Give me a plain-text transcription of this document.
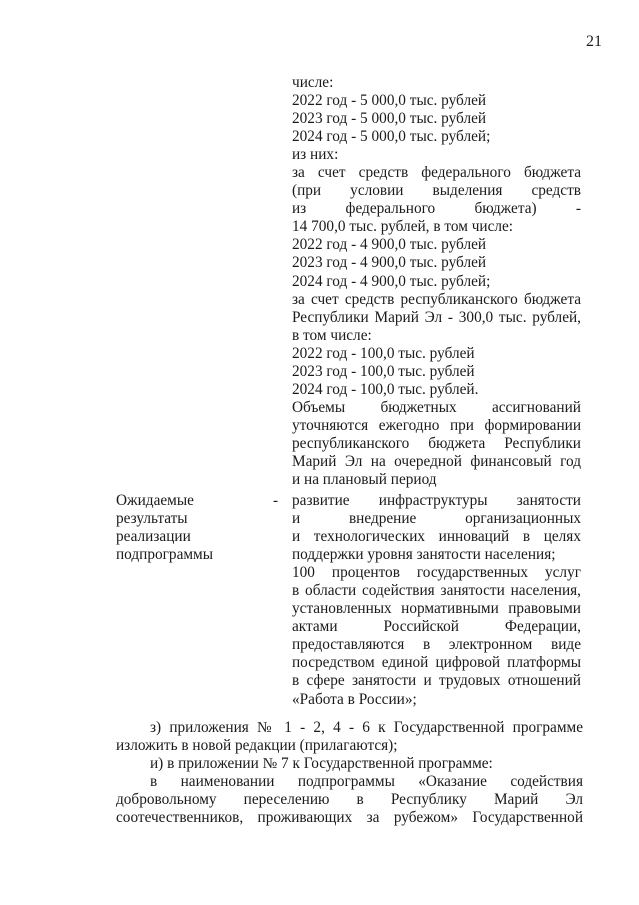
21
числе:
2022 год - 5 000,0 тыс. рублей
2023 год - 5 000,0 тыс. рублей
2024 год - 5 000,0 тыс. рублей;
из них:
за счет средств федерального бюджета
(при условии выделения средств
из федерального бюджета) -
14 700,0 тыс. рублей, в том числе:
2022 год - 4 900,0 тыс. рублей
2023 год - 4 900,0 тыс. рублей
2024 год - 4 900,0 тыс. рублей;
за счет средств республиканского бюджета
Республики Марий Эл - 300,0 тыс. рублей,
в том числе:
2022 год - 100,0 тыс. рублей
2023 год - 100,0 тыс. рублей
2024 год - 100,0 тыс. рублей.
Объемы бюджетных ассигнований
уточняются ежегодно при формировании
республиканского бюджета Республики
Марий Эл на очередной финансовый год
и на плановый период
Ожидаемые
результаты
реализации
подпрограммы
- развитие инфраструктуры занятости
и внедрение организационных
и технологических инноваций в целях
поддержки уровня занятости населения;
100 процентов государственных услуг
в области содействия занятости населения,
установленных нормативными правовыми
актами Российской Федерации,
предоставляются в электронном виде
посредством единой цифровой платформы
в сфере занятости и трудовых отношений
«Работа в России»;
з) приложения № 1 - 2, 4 - 6 к Государственной программе
изложить в новой редакции (прилагаются);
и) в приложении № 7 к Государственной программе:
в наименовании подпрограммы «Оказание содействия
добровольному переселению в Республику Марий Эл
соотечественников, проживающих за рубежом» Государственной
